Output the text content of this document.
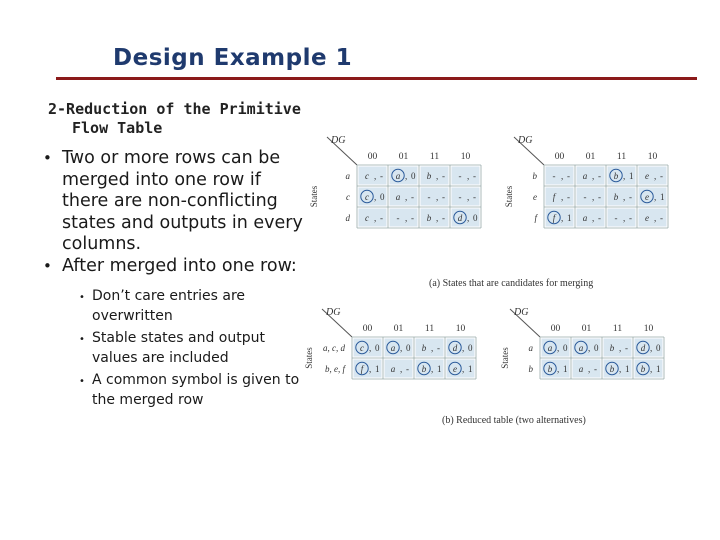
Design Example 1
2-Reduction of the Primitive
Flow Table
• Two or more rows can be merged into one row if there are non-conflicting states and outputs in every columns.
• After merged into one row:
• Don’t care entries are overwritten
• Stable states and output values are included
• A common symbol is given to the merged row
(a) States that are candidates for merging
(b) Reduced table (two alternatives)
DG
00 01 11 10
States
a c , - a , 0 b , - - , -
c c , 0 a , - - , - - , -
d c , - - , - b , - d , 0
DG
00 01 11 10
States
b - , - a , - b , 1 e , -
e f , - - , - b , - e , 1
f f , 1 a , - - , - e , -
DG
00 01 11 10
States a, c, d c , 0 a , 0 b , - d , 0
b, e, f f , 1 a , - b , 1 e , 1
DG
00 01 11 10
States a a , 0 a , 0 b , - d , 0
b b , 1 a , - b , 1 b , 1
